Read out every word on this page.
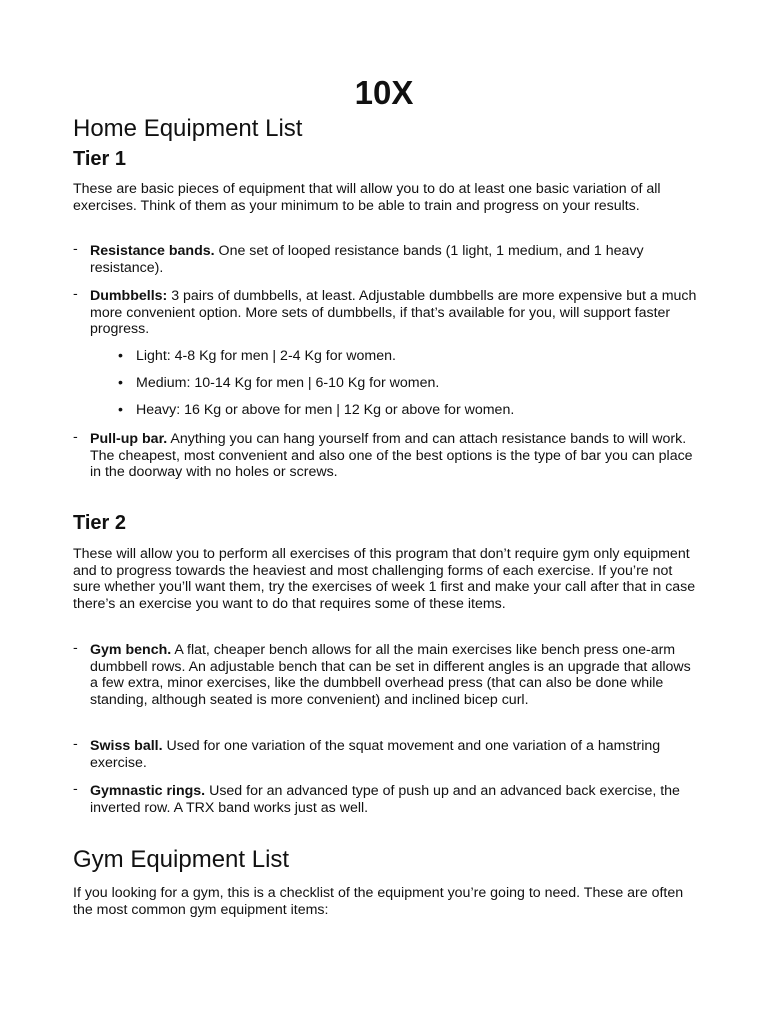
10X
Home Equipment List
Tier 1

These are basic pieces of equipment that will allow you to do at least one basic variation of all exercises. Think of them as your minimum to be able to train and progress on your results.

- Resistance bands. One set of looped resistance bands (1 light, 1 medium, and 1 heavy resistance).
- Dumbbells: 3 pairs of dumbbells, at least. Adjustable dumbbells are more expensive but a much more convenient option. More sets of dumbbells, if that’s available for you, will support faster progress.
• Light: 4-8 Kg for men | 2-4 Kg for women.
• Medium: 10-14 Kg for men | 6-10 Kg for women.
• Heavy: 16 Kg or above for men | 12 Kg or above for women.
- Pull-up bar. Anything you can hang yourself from and can attach resistance bands to will work. The cheapest, most convenient and also one of the best options is the type of bar you can place in the doorway with no holes or screws.
Tier 2

These will allow you to perform all exercises of this program that don’t require gym only equipment and to progress towards the heaviest and most challenging forms of each exercise. If you’re not sure whether you’ll want them, try the exercises of week 1 first and make your call after that in case there’s an exercise you want to do that requires some of these items.

- Gym bench. A flat, cheaper bench allows for all the main exercises like bench press one-arm dumbbell rows. An adjustable bench that can be set in different angles is an upgrade that allows a few extra, minor exercises, like the dumbbell overhead press (that can also be done while standing, although seated is more convenient) and inclined bicep curl.
- Swiss ball. Used for one variation of the squat movement and one variation of a hamstring exercise.
- Gymnastic rings. Used for an advanced type of push up and an advanced back exercise, the inverted row. A TRX band works just as well.
Gym Equipment List

If you looking for a gym, this is a checklist of the equipment you’re going to need. These are often the most common gym equipment items:
